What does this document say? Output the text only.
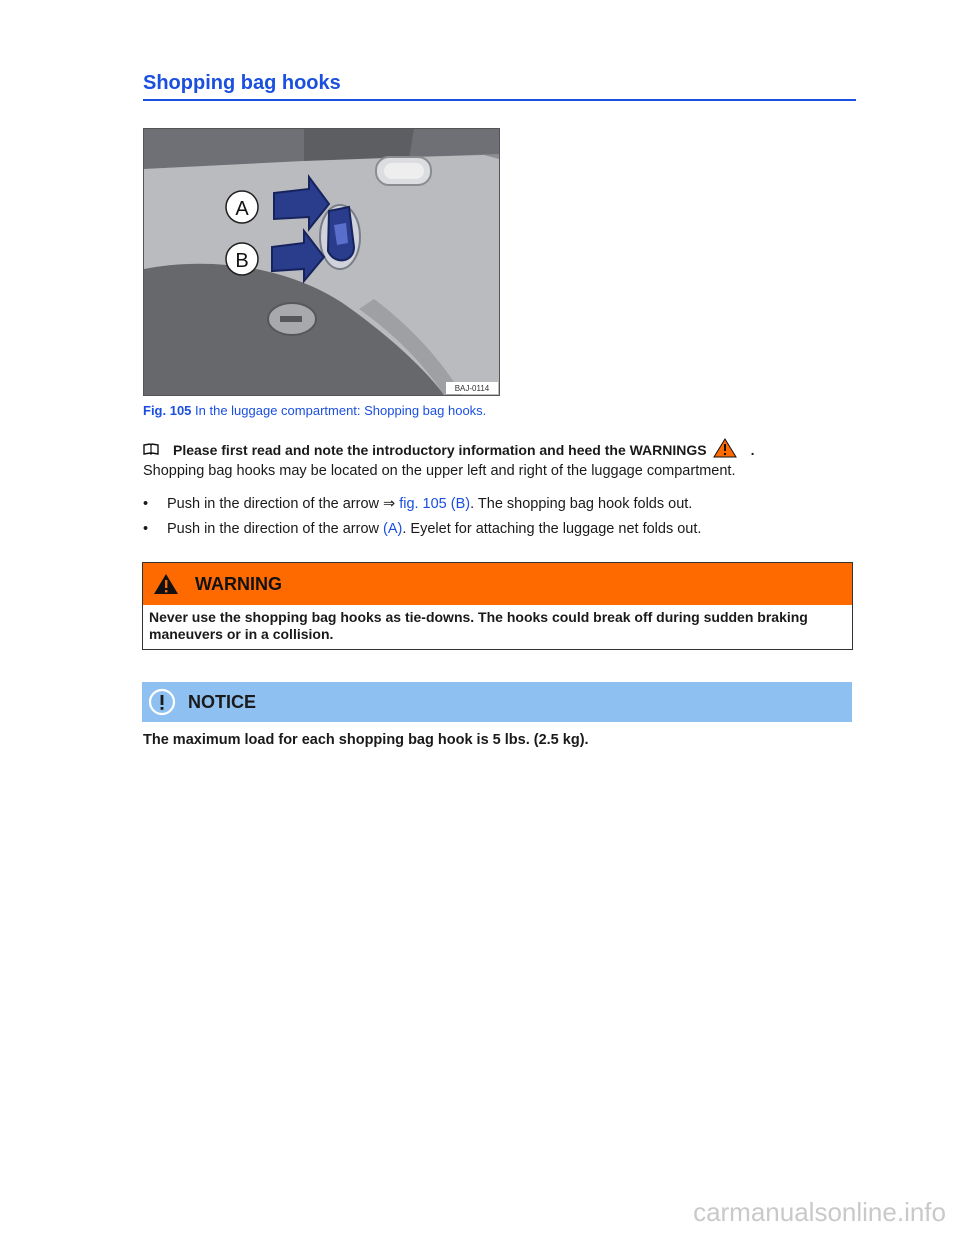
Shopping bag hooks
A
B
BAJ-0114
Fig. 105 In the luggage compartment: Shopping bag hooks.
Please first read and note the introductory information and heed the WARNINGS	.
Shopping bag hooks may be located on the upper left and right of the luggage compartment.
•	Push in the direction of the arrow ⇒ fig. 105 (B). The shopping bag hook folds out.
•	Push in the direction of the arrow (A). Eyelet for attaching the luggage net folds out.
WARNING
Never use the shopping bag hooks as tie-downs. The hooks could break off during sudden braking maneuvers or in a collision.
NOTICE
The maximum load for each shopping bag hook is 5 lbs. (2.5 kg).
carmanualsonline.info
